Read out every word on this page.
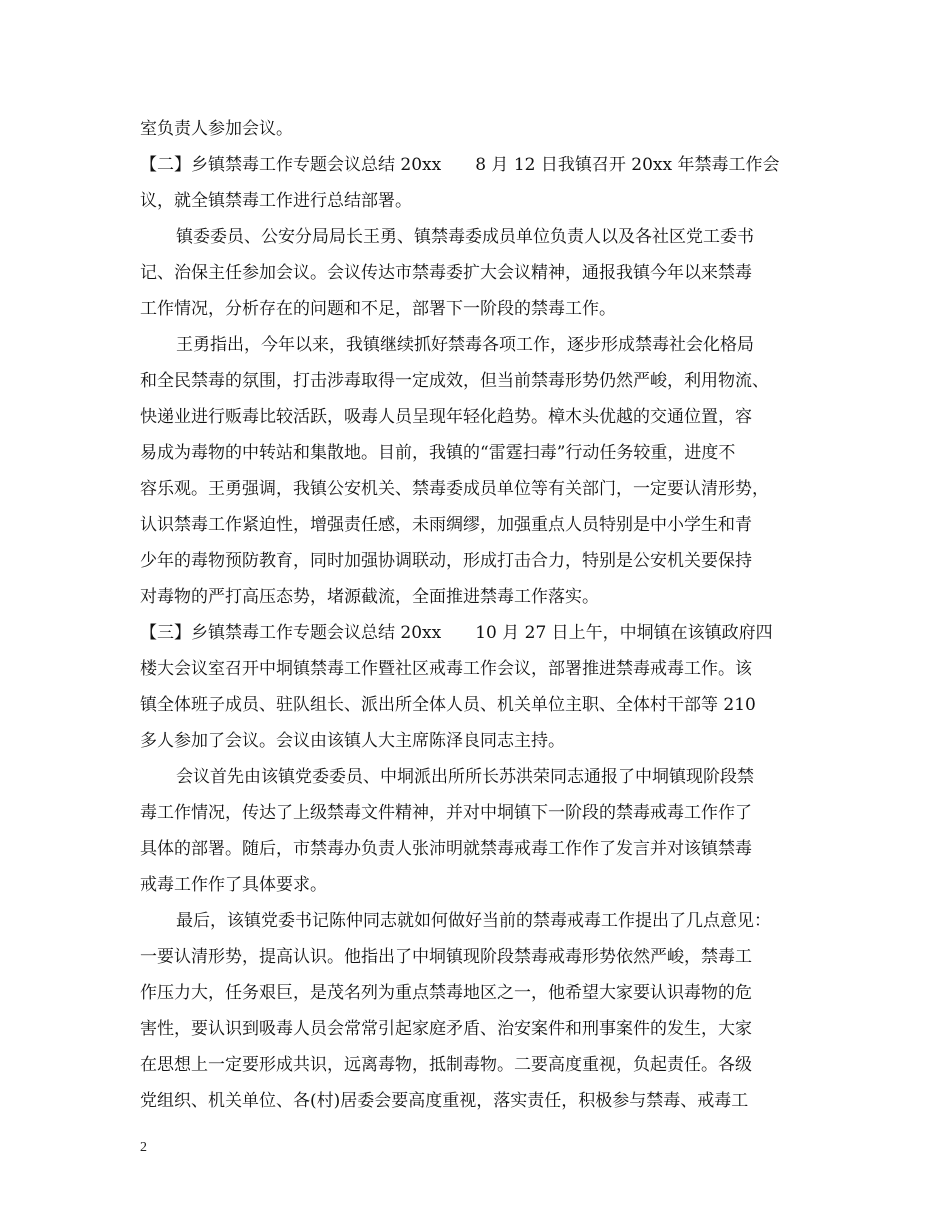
室负责人参加会议。
【二】乡镇禁毒工作专题会议总结 20xx　　8 月 12 日我镇召开 20xx 年禁毒工作会
议，就全镇禁毒工作进行总结部署。
镇委委员、公安分局局长王勇、镇禁毒委成员单位负责人以及各社区党工委书
记、治保主任参加会议。会议传达市禁毒委扩大会议精神，通报我镇今年以来禁毒
工作情况，分析存在的问题和不足，部署下一阶段的禁毒工作。
王勇指出，今年以来，我镇继续抓好禁毒各项工作，逐步形成禁毒社会化格局
和全民禁毒的氛围，打击涉毒取得一定成效，但当前禁毒形势仍然严峻，利用物流、
快递业进行贩毒比较活跃，吸毒人员呈现年轻化趋势。樟木头优越的交通位置，容
易成为毒物的中转站和集散地。目前，我镇的“雷霆扫毒”行动任务较重，进度不
容乐观。王勇强调，我镇公安机关、禁毒委成员单位等有关部门，一定要认清形势，
认识禁毒工作紧迫性，增强责任感，未雨绸缪，加强重点人员特别是中小学生和青
少年的毒物预防教育，同时加强协调联动，形成打击合力，特别是公安机关要保持
对毒物的严打高压态势，堵源截流，全面推进禁毒工作落实。
【三】乡镇禁毒工作专题会议总结 20xx　　10 月 27 日上午，中垌镇在该镇政府四
楼大会议室召开中垌镇禁毒工作暨社区戒毒工作会议，部署推进禁毒戒毒工作。该
镇全体班子成员、驻队组长、派出所全体人员、机关单位主职、全体村干部等 210
多人参加了会议。会议由该镇人大主席陈泽良同志主持。
会议首先由该镇党委委员、中垌派出所所长苏洪荣同志通报了中垌镇现阶段禁
毒工作情况，传达了上级禁毒文件精神，并对中垌镇下一阶段的禁毒戒毒工作作了
具体的部署。随后，市禁毒办负责人张沛明就禁毒戒毒工作作了发言并对该镇禁毒
戒毒工作作了具体要求。
最后，该镇党委书记陈仲同志就如何做好当前的禁毒戒毒工作提出了几点意见：
一要认清形势，提高认识。他指出了中垌镇现阶段禁毒戒毒形势依然严峻，禁毒工
作压力大，任务艰巨，是茂名列为重点禁毒地区之一，他希望大家要认识毒物的危
害性，要认识到吸毒人员会常常引起家庭矛盾、治安案件和刑事案件的发生，大家
在思想上一定要形成共识，远离毒物，抵制毒物。二要高度重视，负起责任。各级
党组织、机关单位、各(村)居委会要高度重视，落实责任，积极参与禁毒、戒毒工
2
